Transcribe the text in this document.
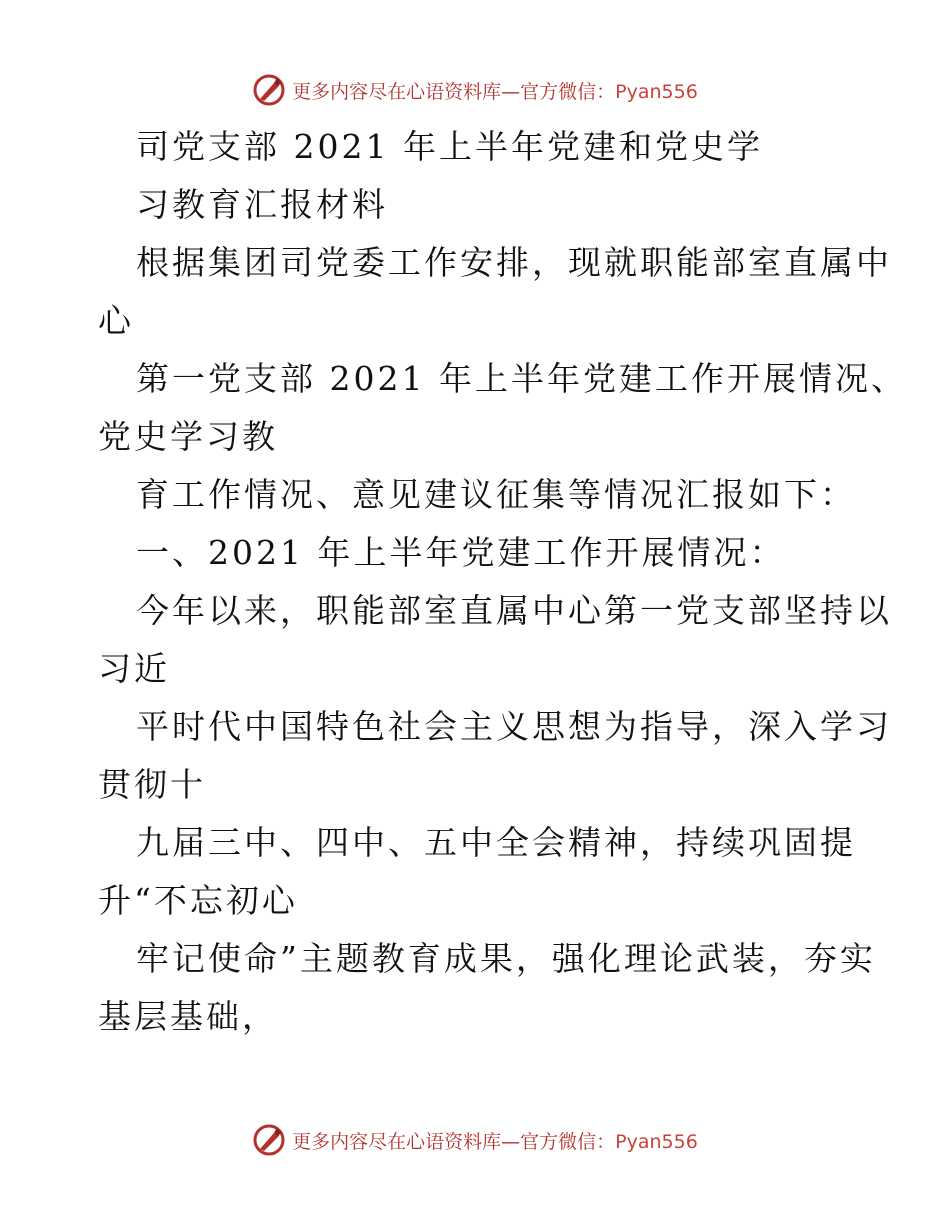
更多内容尽在心语资料库—官方微信：Pyan556
司党支部 2021 年上半年党建和党史学
习教育汇报材料
根据集团司党委工作安排，现就职能部室直属中
心
第一党支部 2021 年上半年党建工作开展情况、
党史学习教
育工作情况、意见建议征集等情况汇报如下：
一、2021 年上半年党建工作开展情况：
今年以来，职能部室直属中心第一党支部坚持以
习近
平时代中国特色社会主义思想为指导，深入学习
贯彻十
九届三中、四中、五中全会精神，持续巩固提
升“不忘初心
牢记使命”主题教育成果，强化理论武装，夯实
基层基础，
更多内容尽在心语资料库—官方微信：Pyan556
